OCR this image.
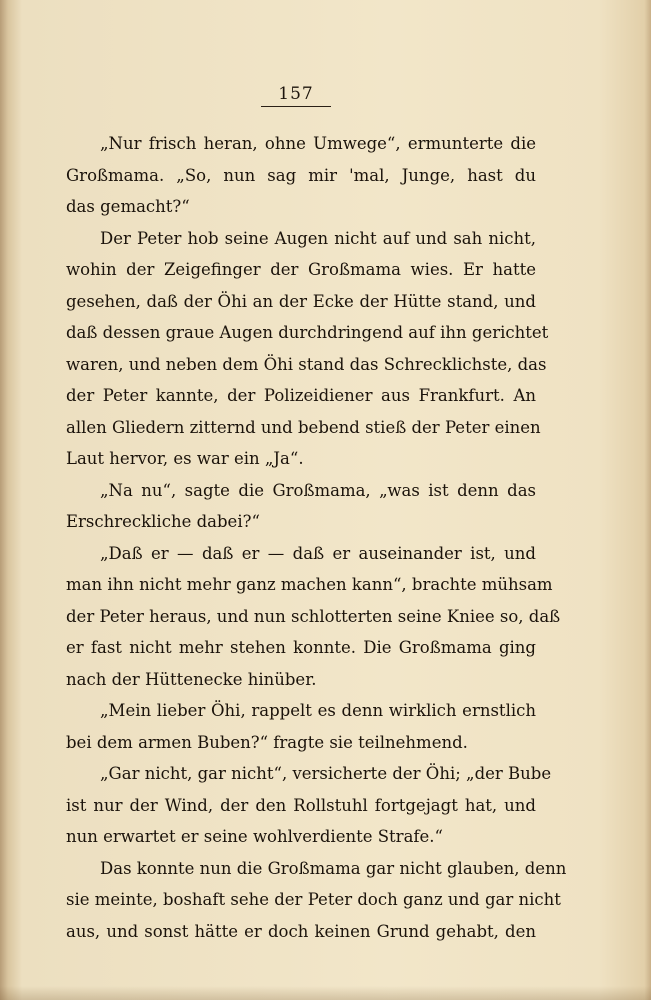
157
„Nur frisch heran, ohne Umwege“, ermunterte die
Großmama. „So, nun sag mir 'mal, Junge, hast du
das gemacht?“
Der Peter hob seine Augen nicht auf und sah nicht,
wohin der Zeigefinger der Großmama wies. Er hatte
gesehen, daß der Öhi an der Ecke der Hütte stand, und
daß dessen graue Augen durchdringend auf ihn gerichtet
waren, und neben dem Öhi stand das Schrecklichste, das
der Peter kannte, der Polizeidiener aus Frankfurt. An
allen Gliedern zitternd und bebend stieß der Peter einen
Laut hervor, es war ein „Ja“.
„Na nu“, sagte die Großmama, „was ist denn das
Erschreckliche dabei?“
„Daß er — daß er — daß er auseinander ist, und
man ihn nicht mehr ganz machen kann“, brachte mühsam
der Peter heraus, und nun schlotterten seine Kniee so, daß
er fast nicht mehr stehen konnte. Die Großmama ging
nach der Hüttenecke hinüber.
„Mein lieber Öhi, rappelt es denn wirklich ernstlich
bei dem armen Buben?“ fragte sie teilnehmend.
„Gar nicht, gar nicht“, versicherte der Öhi; „der Bube
ist nur der Wind, der den Rollstuhl fortgejagt hat, und
nun erwartet er seine wohlverdiente Strafe.“
Das konnte nun die Großmama gar nicht glauben, denn
sie meinte, boshaft sehe der Peter doch ganz und gar nicht
aus, und sonst hätte er doch keinen Grund gehabt, den
